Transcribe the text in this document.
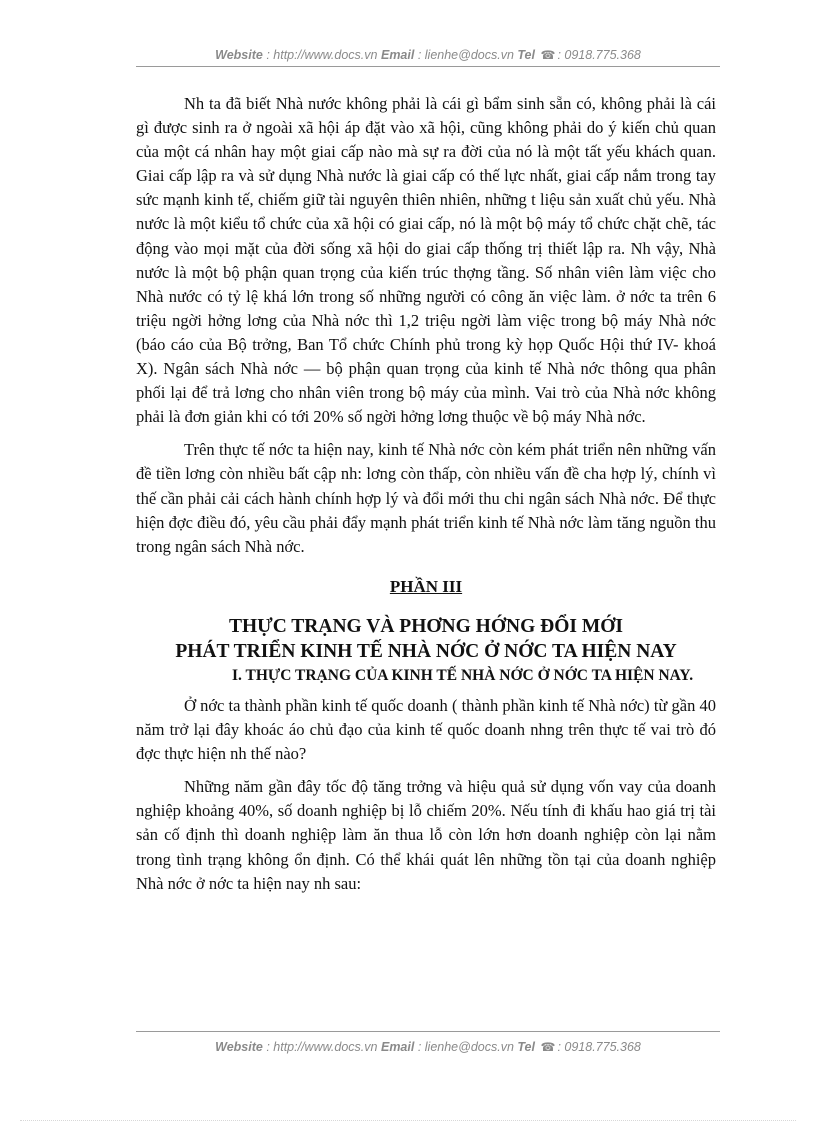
Website : http://www.docs.vn Email : lienhe@docs.vn Tel ☎ : 0918.775.368

Nh ta đã biết Nhà nước không phải là cái gì bẩm sinh sẵn có, không phải là cái gì được sinh ra ở ngoài xã hội áp đặt vào xã hội, cũng không phải do ý kiến chủ quan của một cá nhân hay một giai cấp nào mà sự ra đời của nó là một tất yếu khách quan. Giai cấp lập ra và sử dụng Nhà nước là giai cấp có thế lực nhất, giai cấp nắm trong tay sức mạnh kinh tế, chiếm giữ tài nguyên thiên nhiên, những t liệu sản xuất chủ yếu. Nhà nước là một kiểu tổ chức của xã hội có giai cấp, nó là một bộ máy tổ chức chặt chẽ, tác động vào mọi mặt của đời sống xã hội do giai cấp thống trị thiết lập ra. Nh vậy, Nhà nước là một bộ phận quan trọng của kiến trúc thợng tầng. Số nhân viên làm việc cho Nhà nước có tỷ lệ khá lớn trong số những người có công ăn việc làm. ở nớc ta trên 6 triệu ngời hởng lơng của Nhà nớc thì 1,2 triệu ngời làm việc trong bộ máy Nhà nớc (báo cáo của Bộ trởng, Ban Tổ chức Chính phủ trong kỳ họp Quốc Hội thứ IV- khoá X). Ngân sách Nhà nớc — bộ phận quan trọng của kinh tế Nhà nớc thông qua phân phối lại để trả lơng cho nhân viên trong bộ máy của mình. Vai trò của Nhà nớc không phải là đơn giản khi có tới 20% số ngời hởng lơng thuộc về bộ máy Nhà nớc.

Trên thực tế nớc ta hiện nay, kinh tế Nhà nớc còn kém phát triển nên những vấn đề tiền lơng còn nhiều bất cập nh: lơng còn thấp, còn nhiều vấn đề cha hợp lý, chính vì thế cần phải cải cách hành chính hợp lý và đổi mới thu chi ngân sách Nhà nớc. Để thực hiện đợc điều đó, yêu cầu phải đẩy mạnh phát triển kinh tế Nhà nớc làm tăng nguồn thu trong ngân sách Nhà nớc.

PHẦN III

THỰC TRẠNG VÀ PHƠNG HỚNG ĐỔI MỚI
PHÁT TRIỂN KINH TẾ NHÀ NỚC Ở NỚC TA HIỆN NAY

I. THỰC TRẠNG CỦA KINH TẾ NHÀ NỚC Ở NỚC TA HIỆN NAY.

Ở nớc ta thành phần kinh tế quốc doanh ( thành phần kinh tế Nhà nớc) từ gần 40 năm trở lại đây khoác áo chủ đạo của kinh tế quốc doanh nhng trên thực tế vai trò đó đợc thực hiện nh thế nào?

Những năm gần đây tốc độ tăng trởng và hiệu quả sử dụng vốn vay của doanh nghiệp khoảng 40%, số doanh nghiệp bị lỗ chiếm 20%. Nếu tính đi khấu hao giá trị tài sản cố định thì doanh nghiệp làm ăn thua lỗ còn lớn hơn doanh nghiệp còn lại nằm trong tình trạng không ổn định. Có thể khái quát lên những tồn tại của doanh nghiệp Nhà nớc ở nớc ta hiện nay nh sau:

Website : http://www.docs.vn Email : lienhe@docs.vn Tel ☎ : 0918.775.368
